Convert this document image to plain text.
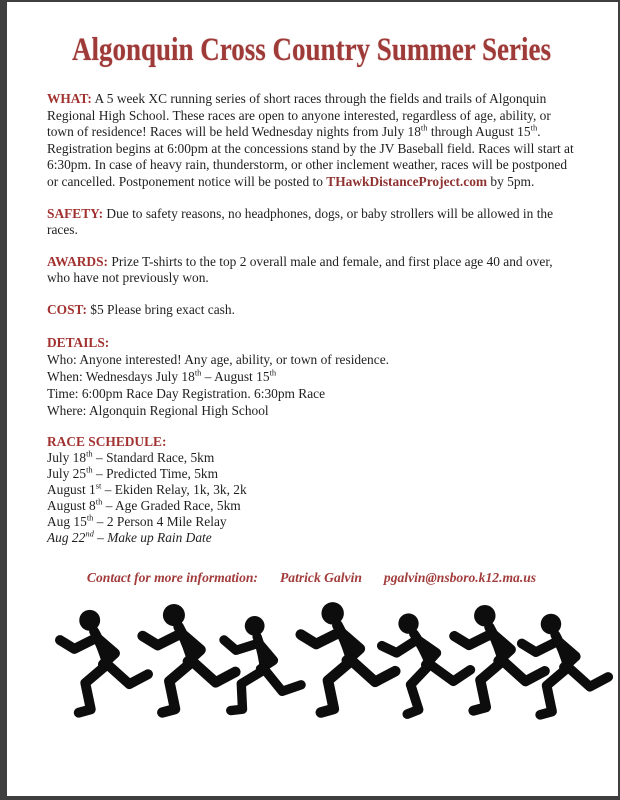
Algonquin Cross Country Summer Series

WHAT: A 5 week XC running series of short races through the fields and trails of Algonquin Regional High School. These races are open to anyone interested, regardless of age, ability, or town of residence! Races will be held Wednesday nights from July 18th through August 15th. Registration begins at 6:00pm at the concessions stand by the JV Baseball field. Races will start at 6:30pm. In case of heavy rain, thunderstorm, or other inclement weather, races will be postponed or cancelled. Postponement notice will be posted to THawkDistanceProject.com by 5pm.

SAFETY: Due to safety reasons, no headphones, dogs, or baby strollers will be allowed in the races.

AWARDS: Prize T-shirts to the top 2 overall male and female, and first place age 40 and over, who have not previously won.

COST: $5 Please bring exact cash.

DETAILS:
Who: Anyone interested! Any age, ability, or town of residence.
When: Wednesdays July 18th – August 15th
Time: 6:00pm Race Day Registration. 6:30pm Race
Where: Algonquin Regional High School
RACE SCHEDULE:
July 18th – Standard Race, 5km
July 25th – Predicted Time, 5km
August 1st – Ekiden Relay, 1k, 3k, 2k
August 8th – Age Graded Race, 5km
Aug 15th – 2 Person 4 Mile Relay
Aug 22nd – Make up Rain Date
Contact for more information: Patrick Galvin pgalvin@nsboro.k12.ma.us
